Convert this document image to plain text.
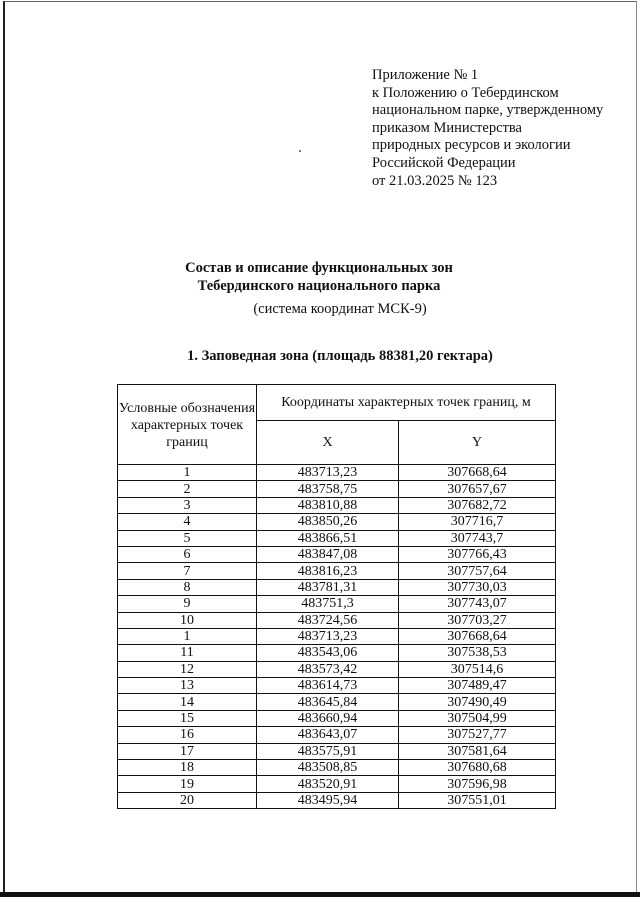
Приложение № 1
к Положению о Тебердинском
национальном парке, утвержденному
приказом Министерства
природных ресурсов и экологии
Российской Федерации
от 21.03.2025 № 123
Состав и описание функциональных зон
Тебердинского национального парка
(система координат МСК-9)
1. Заповедная зона (площадь 88381,20 гектара)
Условные обозначения характерных точек границ	Координаты характерных точек границ, м	
	X	Y
1	483713,23	307668,64
2	483758,75	307657,67
3	483810,88	307682,72
4	483850,26	307716,7
5	483866,51	307743,7
6	483847,08	307766,43
7	483816,23	307757,64
8	483781,31	307730,03
9	483751,3	307743,07
10	483724,56	307703,27
1	483713,23	307668,64
11	483543,06	307538,53
12	483573,42	307514,6
13	483614,73	307489,47
14	483645,84	307490,49
15	483660,94	307504,99
16	483643,07	307527,77
17	483575,91	307581,64
18	483508,85	307680,68
19	483520,91	307596,98
20	483495,94	307551,01
